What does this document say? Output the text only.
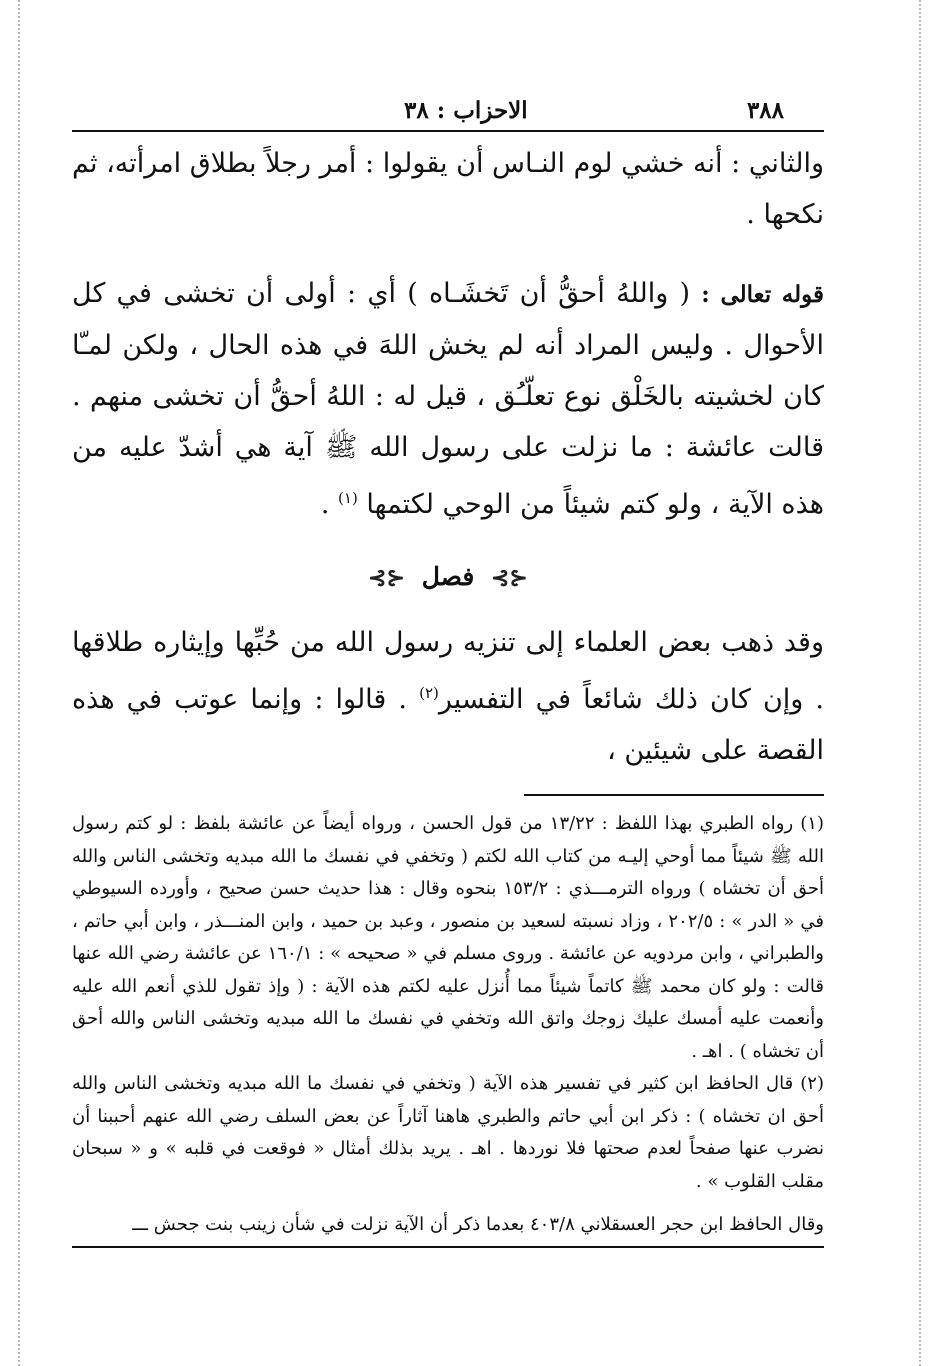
٣٨٨
الاحزاب : ٣٨

والثاني : أنه خشي لوم النـاس أن يقولوا : أمر رجلاً بطلاق امرأته، ثم نكحها .

قوله تعالى : ( واللهُ أحقُّ أن تَخشَـاه ) أي : أولى أن تخشى في كل الأحوال . وليس المراد أنه لم يخش اللهَ في هذه الحال ، ولكن لمـّا كان لخشيته بالخَلْق نوع تعلّـُق ، قيل له : اللهُ أحقُّ أن تخشى منهم . قالت عائشة : ما نزلت على رسول الله ﷺ آية هي أشدّ عليه من هذه الآية ، ولو كتم شيئاً من الوحي لكتمها $^{(١)}$ .

⊰⊱ فصل ⊰⊱

وقد ذهب بعض العلماء إلى تنزيه رسول الله من حُبِّها وإيثاره طلاقها . وإن كان ذلك شائعاً في التفسير$^{(٢)}$ . قالوا : وإنما عوتب في هذه القصة على شيئين ،

(١) رواه الطبري بهذا اللفظ : ١٣/٢٢ من قول الحسن ، ورواه أيضاً عن عائشة بلفظ : لو كتم رسول الله ﷺ شيئاً مما أوحي إليـه من كتاب الله لكتم ( وتخفي في نفسك ما الله مبديه وتخشى الناس والله أحق أن تخشاه ) ورواه الترمـــذي : ١٥٣/٢ بنحوه وقال : هذا حديث حسن صحيح ، وأورده السيوطي في « الدر » : ٢٠٢/٥ ، وزاد نسبته لسعيد بن منصور ، وعبد بن حميد ، وابن المنـــذر ، وابن أبي حاتم ، والطبراني ، وابن مردويه عن عائشة . وروى مسلم في « صحيحه » : ١٦٠/١ عن عائشة رضي الله عنها قالت : ولو كان محمد ﷺ كاتماً شيئاً مما أُنزل عليه لكتم هذه الآية : ( وإذ تقول للذي أنعم الله عليه وأنعمت عليه أمسك عليك زوجك واتق الله وتخفي في نفسك ما الله مبديه وتخشى الناس والله أحق أن تخشاه ) . اهـ .

(٢) قال الحافظ ابن كثير في تفسير هذه الآية ( وتخفي في نفسك ما الله مبديه وتخشى الناس والله أحق ان تخشاه ) : ذكر ابن أبي حاتم والطبري هاهنا آثاراً عن بعض السلف رضي الله عنهم أحببنا أن نضرب عنها صفحاً لعدم صحتها فلا نوردها . اهـ . يريد بذلك أمثال « فوقعت في قلبه » و « سبحان مقلب القلوب » .

وقال الحافظ ابن حجر العسقلاني ٤٠٣/٨ بعدما ذكر أن الآية نزلت في شأن زينب بنت جحش ـــ
